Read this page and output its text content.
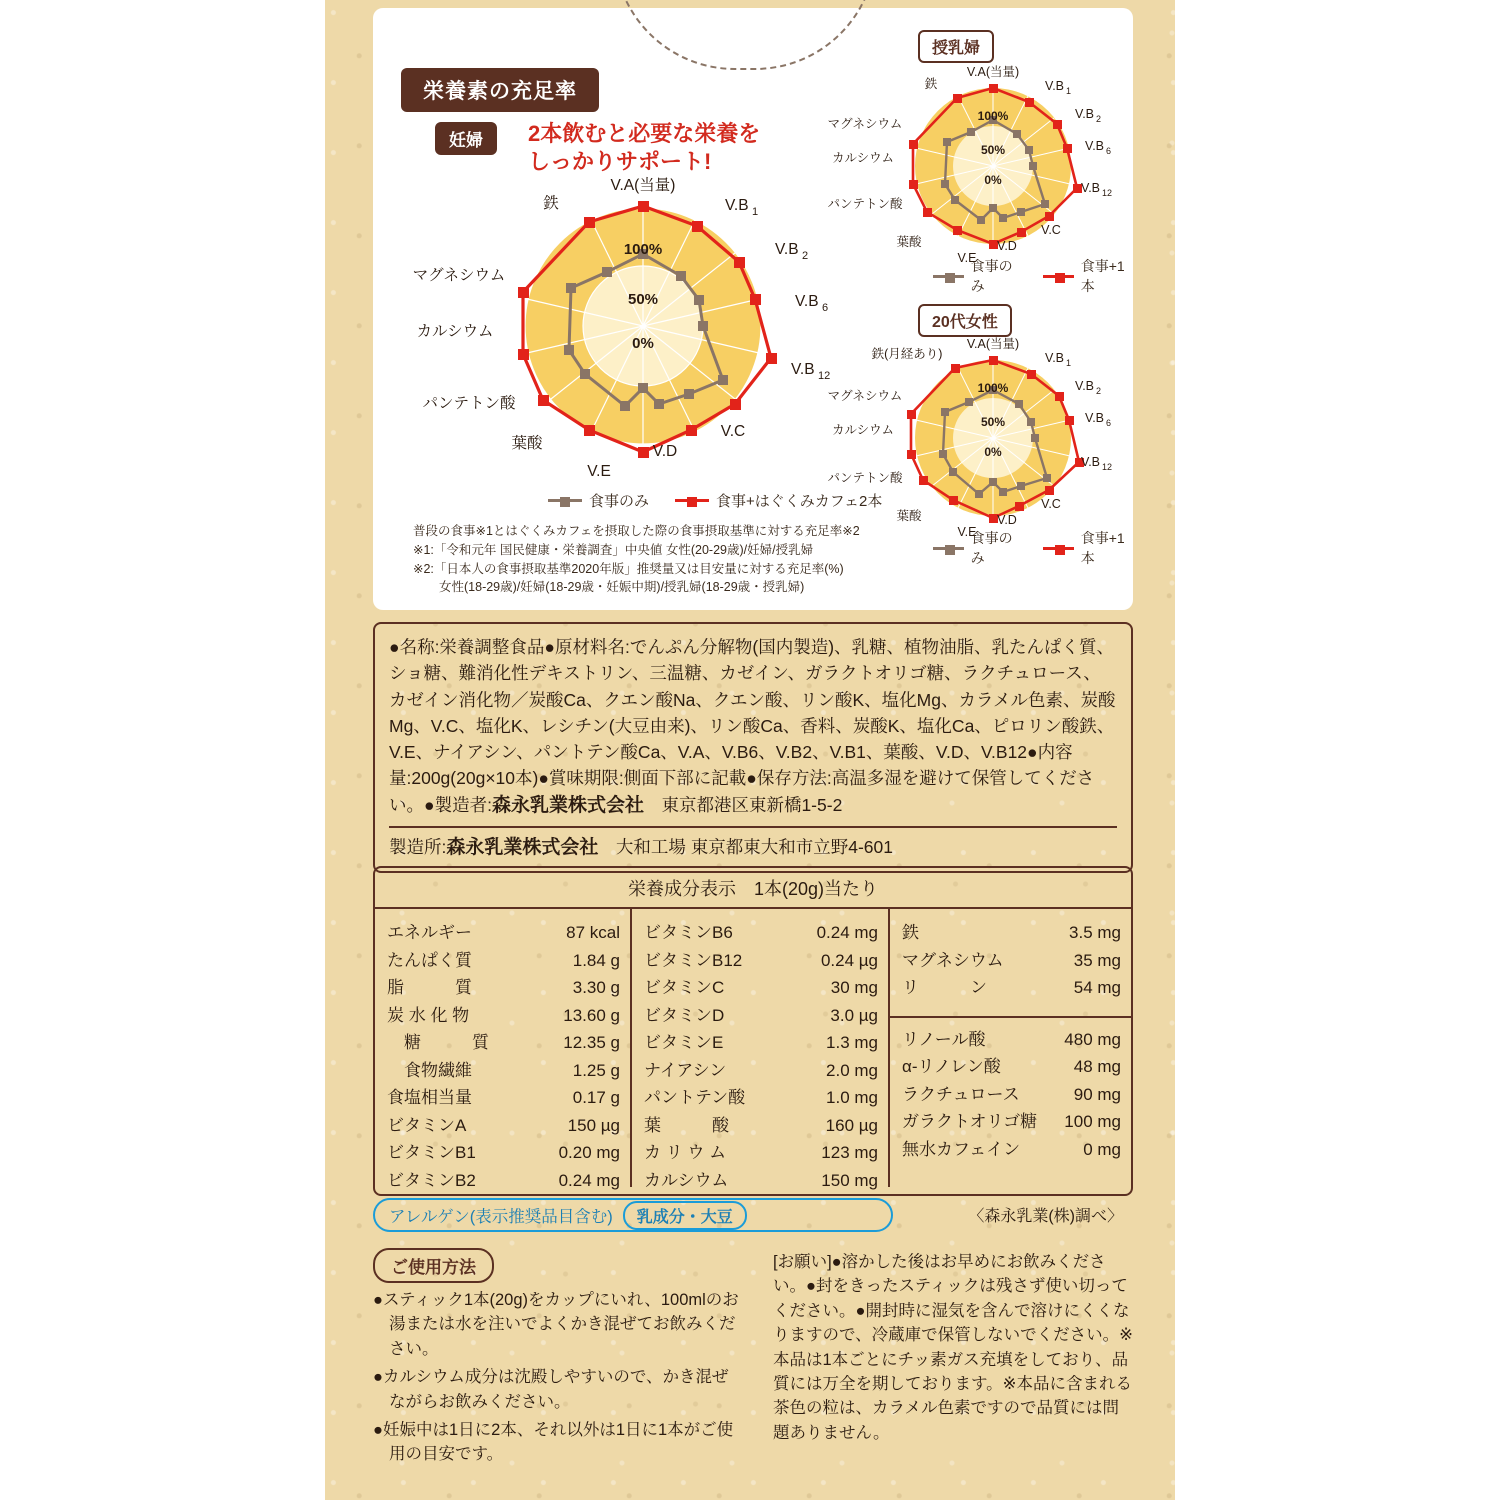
栄養素の充足率
妊婦	2本飲むと必要な栄養を
しっかりサポート!
100%
50%
0%
V.A(当量)
V.B 1
V.B 2
V.B 6
V.B 12
V.C
V.D
V.E
葉酸
パンテトン酸
カルシウム
マグネシウム
鉄
食事のみ	食事+はぐくみカフェ2本
授乳婦
100%
50%
0%
V.A(当量)
V.B 1
V.B 2
V.B 6
V.B 12
V.C
V.D
V.E
葉酸
パンテトン酸
カルシウム
マグネシウム
鉄
食事のみ
食事+1本
20代女性
100%
50%
0%
V.A(当量)
V.B 1
V.B 2
V.B 6
V.B 12
V.C
V.D
V.E
葉酸
パンテトン酸
カルシウム
マグネシウム
鉄(月経あり)
食事のみ
食事+1本
普段の食事※1とはぐくみカフェを摂取した際の食事摂取基準に対する充足率※2
※1:「令和元年 国民健康・栄養調査」中央値 女性(20-29歳)/妊婦/授乳婦
※2:「日本人の食事摂取基準2020年版」推奨量又は目安量に対する充足率(%)
女性(18-29歳)/妊婦(18-29歳・妊娠中期)/授乳婦(18-29歳・授乳婦)
●名称:栄養調整食品●原材料名:でんぷん分解物(国内製造)、乳糖、植物油脂、乳たんぱく質、ショ糖、難消化性デキストリン、三温糖、カゼイン、ガラクトオリゴ糖、ラクチュロース、カゼイン消化物／炭酸Ca、クエン酸Na、クエン酸、リン酸K、塩化Mg、カラメル色素、炭酸Mg、V.C、塩化K、レシチン(大豆由来)、リン酸Ca、香料、炭酸K、塩化Ca、ピロリン酸鉄、V.E、ナイアシン、パントテン酸Ca、V.A、V.B6、V.B2、V.B1、葉酸、V.D、V.B12●内容量:200g(20g×10本)●賞味期限:側面下部に記載●保存方法:高温多湿を避けて保管してください。●製造者:森永乳業株式会社　東京都港区東新橋1-5-2
製造所:森永乳業株式会社　大和工場 東京都東大和市立野4-601
栄養成分表示　1本(20g)当たり
エネルギー	87 kcal
たんぱく質	1.84 g
脂　　　質	3.30 g
炭 水 化 物	13.60 g
　糖　　　質	12.35 g
　食物繊維	1.25 g
食塩相当量	0.17 g
ビタミンA	150 µg
ビタミンB1	0.20 mg
ビタミンB2	0.24 mg
ビタミンB6	0.24 mg
ビタミンB12	0.24 µg
ビタミンC	30 mg
ビタミンD	3.0 µg
ビタミンE	1.3 mg
ナイアシン	2.0 mg
パントテン酸	1.0 mg
葉　　　酸	160 µg
カ リ ウ ム	123 mg
カルシウム	150 mg
鉄	3.5 mg
マグネシウム	35 mg
リ　　　ン	54 mg
リノール酸	480 mg
α-リノレン酸	48 mg
ラクチュロース	90 mg
ガラクトオリゴ糖 100 mg
無水カフェイン	0 mg
〈森永乳業(株)調べ〉
アレルゲン(表示推奨品目含む)	乳成分・大豆
ご使用方法

●スティック1本(20g)をカップにいれ、100mlのお湯または水を注いでよくかき混ぜてお飲みください。

●カルシウム成分は沈殿しやすいので、かき混ぜながらお飲みください。

●妊娠中は1日に2本、それ以外は1日に1本がご使用の目安です。

[お願い]●溶かした後はお早めにお飲みください。●封をきったスティックは残さず使い切ってください。●開封時に湿気を含んで溶けにくくなりますので、冷蔵庫で保管しないでください。※本品は1本ごとにチッ素ガス充填をしており、品質には万全を期しております。※本品に含まれる茶色の粒は、カラメル色素ですので品質には問題ありません。
